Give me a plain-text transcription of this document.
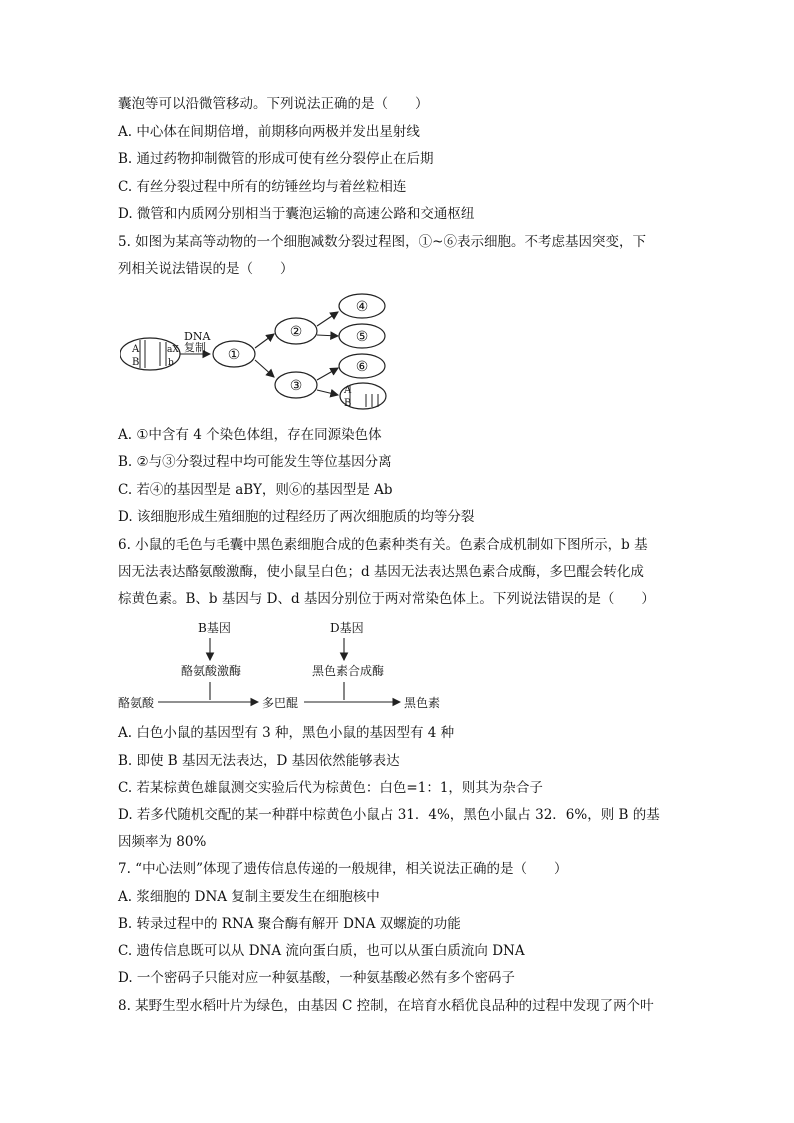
囊泡等可以沿微管移动。下列说法正确的是（　　）
A. 中心体在间期倍增，前期移向两极并发出星射线
B. 通过药物抑制微管的形成可使有丝分裂停止在后期
C. 有丝分裂过程中所有的纺锤丝均与着丝粒相连
D. 微管和内质网分别相当于囊泡运输的高速公路和交通枢纽
5. 如图为某高等动物的一个细胞减数分裂过程图，①~⑥表示细胞。不考虑基因突变，下
列相关说法错误的是（　　）
A	aX
B	b
DNA
复制 ①
②
③
④
⑤
⑥
A
B
A. ①中含有 4 个染色体组，存在同源染色体
B. ②与③分裂过程中均可能发生等位基因分离
C. 若④的基因型是 aBY，则⑥的基因型是 Ab
D. 该细胞形成生殖细胞的过程经历了两次细胞质的均等分裂
6. 小鼠的毛色与毛囊中黑色素细胞合成的色素种类有关。色素合成机制如下图所示，b 基
因无法表达酪氨酸激酶，使小鼠呈白色；d 基因无法表达黑色素合成酶，多巴醌会转化成
棕黄色素。B、b 基因与 D、d 基因分别位于两对常染色体上。下列说法错误的是（　　）
B基因	D基因
酪氨酸激酶	黑色素合成酶
酪氨酸	多巴醌	黑色素
A. 白色小鼠的基因型有 3 种，黑色小鼠的基因型有 4 种
B. 即使 B 基因无法表达，D 基因依然能够表达
C. 若某棕黄色雄鼠测交实验后代为棕黄色：白色=1：1，则其为杂合子
D. 若多代随机交配的某一种群中棕黄色小鼠占 31．4%，黑色小鼠占 32．6%，则 B 的基
因频率为 80%
7. “中心法则”体现了遗传信息传递的一般规律，相关说法正确的是（　　）
A. 浆细胞的 DNA 复制主要发生在细胞核中
B. 转录过程中的 RNA 聚合酶有解开 DNA 双螺旋的功能
C. 遗传信息既可以从 DNA 流向蛋白质，也可以从蛋白质流向 DNA
D. 一个密码子只能对应一种氨基酸，一种氨基酸必然有多个密码子
8. 某野生型水稻叶片为绿色，由基因 C 控制，在培育水稻优良品种的过程中发现了两个叶
